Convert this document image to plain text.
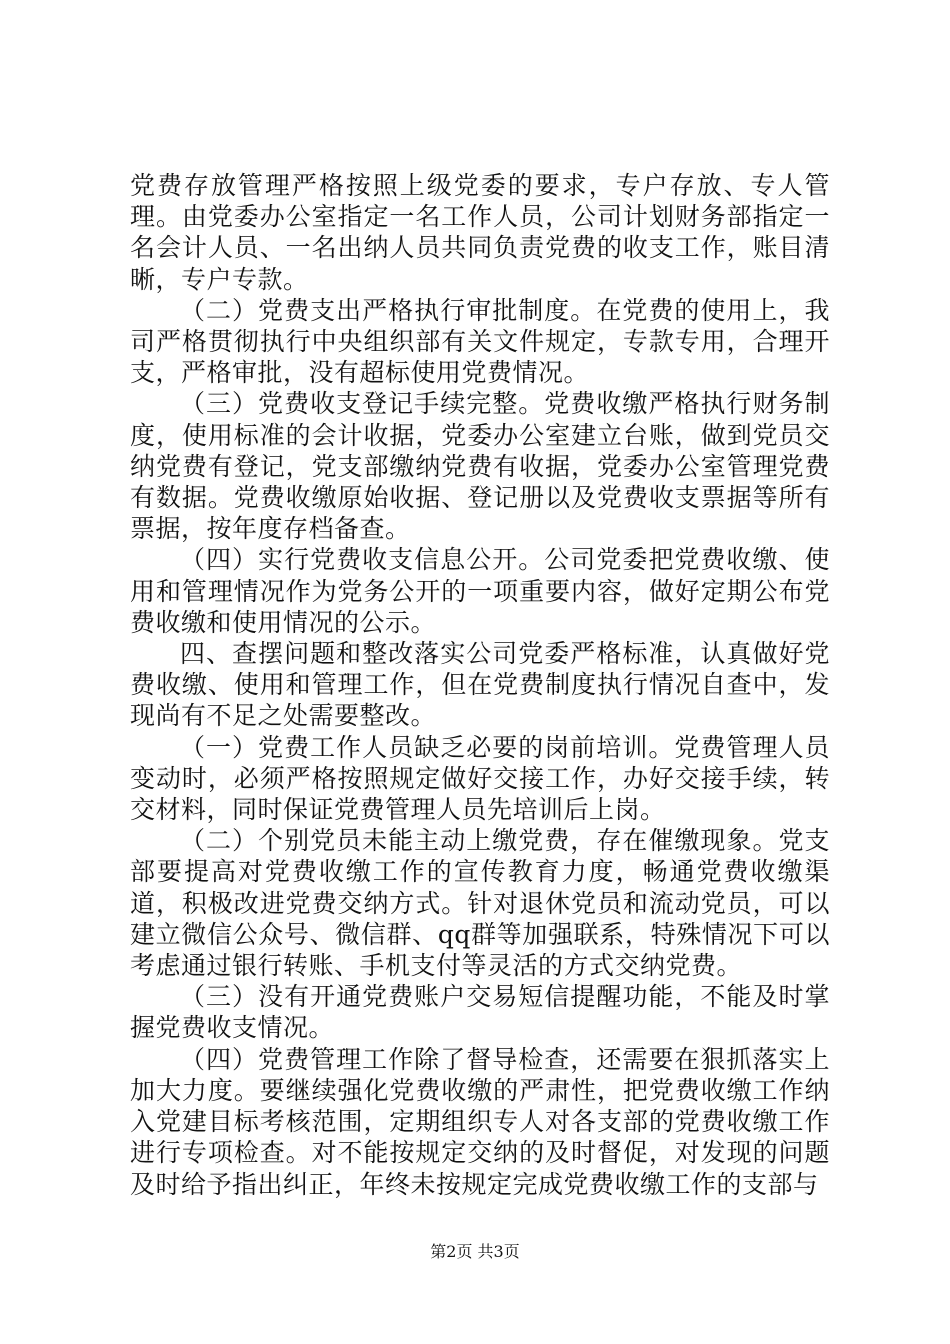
党费存放管理严格按照上级党委的要求，专户存放、专人管理。由党委办公室指定一名工作人员，公司计划财务部指定一名会计人员、一名出纳人员共同负责党费的收支工作，账目清晰，专户专款。

（二）党费支出严格执行审批制度。在党费的使用上，我司严格贯彻执行中央组织部有关文件规定，专款专用，合理开支，严格审批，没有超标使用党费情况。

（三）党费收支登记手续完整。党费收缴严格执行财务制度，使用标准的会计收据，党委办公室建立台账，做到党员交纳党费有登记，党支部缴纳党费有收据，党委办公室管理党费有数据。党费收缴原始收据、登记册以及党费收支票据等所有票据，按年度存档备查。

（四）实行党费收支信息公开。公司党委把党费收缴、使用和管理情况作为党务公开的一项重要内容，做好定期公布党费收缴和使用情况的公示。

四、查摆问题和整改落实公司党委严格标准，认真做好党费收缴、使用和管理工作，但在党费制度执行情况自查中，发现尚有不足之处需要整改。

（一）党费工作人员缺乏必要的岗前培训。党费管理人员变动时，必须严格按照规定做好交接工作，办好交接手续，转交材料，同时保证党费管理人员先培训后上岗。

（二）个别党员未能主动上缴党费，存在催缴现象。党支部要提高对党费收缴工作的宣传教育力度，畅通党费收缴渠道，积极改进党费交纳方式。针对退休党员和流动党员，可以建立微信公众号、微信群、qq群等加强联系，特殊情况下可以考虑通过银行转账、手机支付等灵活的方式交纳党费。

（三）没有开通党费账户交易短信提醒功能，不能及时掌握党费收支情况。

（四）党费管理工作除了督导检查，还需要在狠抓落实上加大力度。要继续强化党费收缴的严肃性，把党费收缴工作纳入党建目标考核范围，定期组织专人对各支部的党费收缴工作进行专项检查。对不能按规定交纳的及时督促，对发现的问题及时给予指出纠正，年终未按规定完成党费收缴工作的支部与

第2页 共3页
